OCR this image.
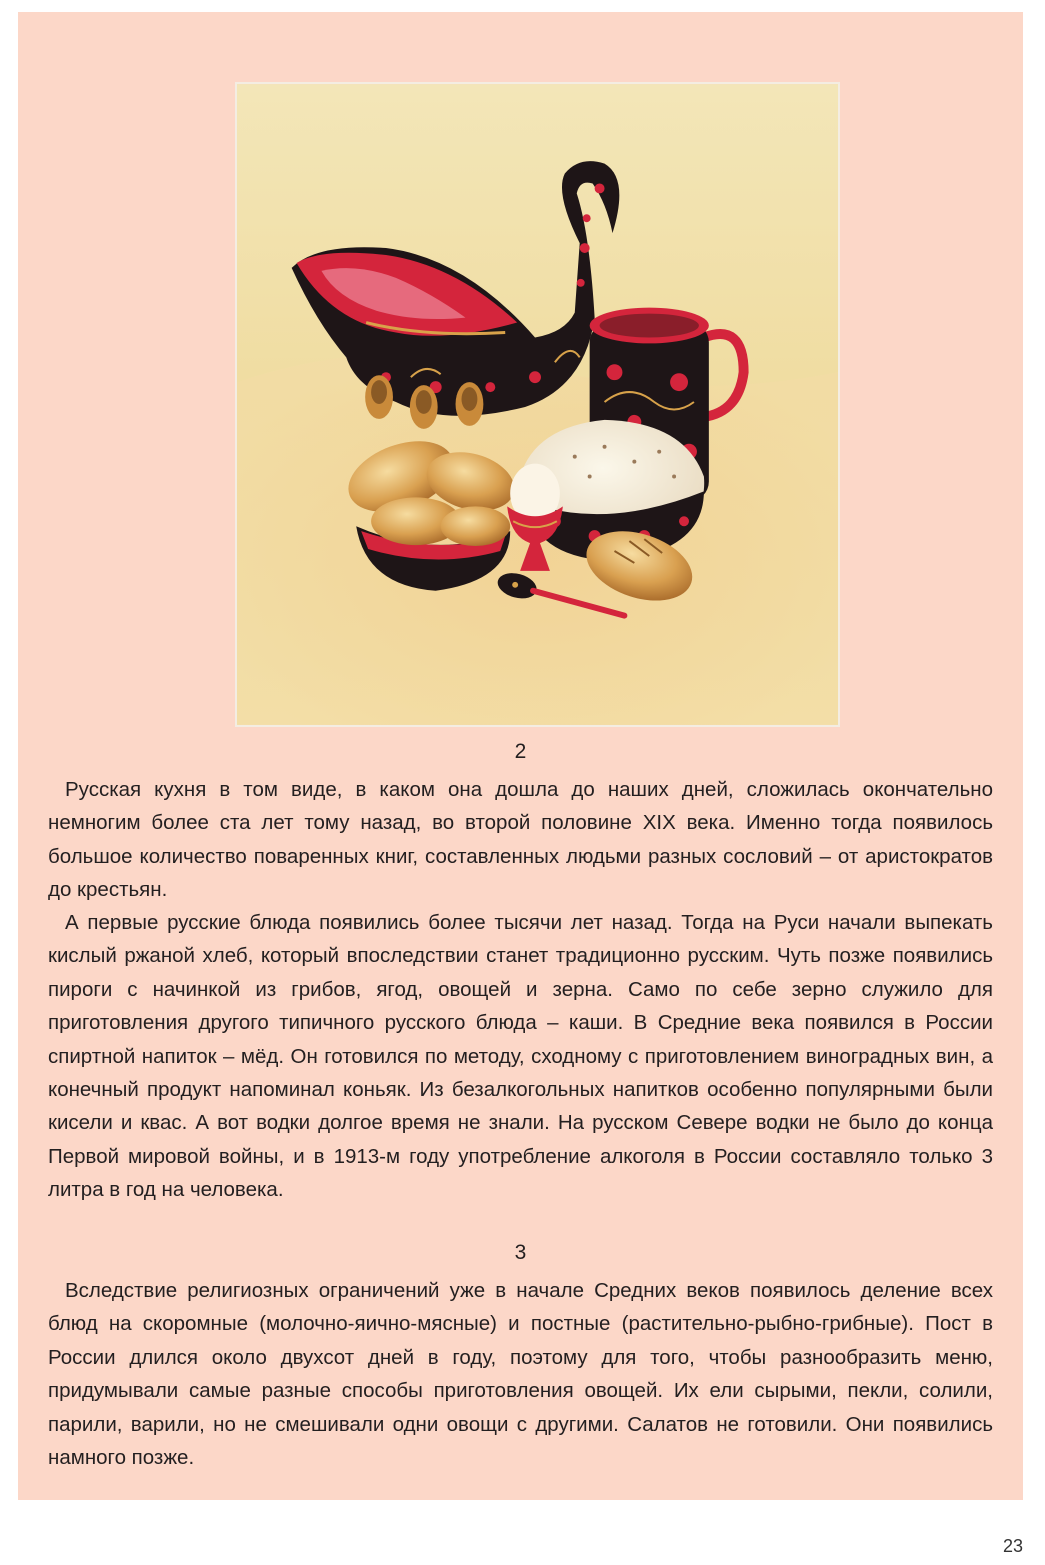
2

Русская кухня в том виде, в каком она дошла до наших дней, сложилась окончательно немногим более ста лет тому назад, во второй половине XIX века. Именно тогда появилось большое количество поваренных книг, составленных людьми разных сословий – от аристократов до крестьян.

А первые русские блюда появились более тысячи лет назад. Тогда на Руси начали выпекать кислый ржаной хлеб, который впоследствии станет традиционно русским. Чуть позже появились пироги с начинкой из грибов, ягод, овощей и зерна. Само по себе зерно служило для приготовления другого типичного русского блюда – каши. В Средние века появился в России спиртной напиток – мёд. Он готовился по методу, сходному с приготовлением виноградных вин, а конечный продукт напоминал коньяк. Из безалкогольных напитков особенно популярными были кисели и квас. А вот водки долгое время не знали. На русском Севере водки не было до конца Первой мировой войны, и в 1913-м году употребление алкоголя в России составляло только 3 литра в год на человека.

3

Вследствие религиозных ограничений уже в начале Средних веков появилось деление всех блюд на скоромные (молочно-яично-мясные) и постные (растительно-рыбно-грибные). Пост в России длился около двухсот дней в году, поэтому для того, чтобы разнообразить меню, придумывали самые разные способы приготовления овощей. Их ели сырыми, пекли, солили, парили, варили, но не смешивали одни овощи с другими. Салатов не готовили. Они появились намного позже.

23
